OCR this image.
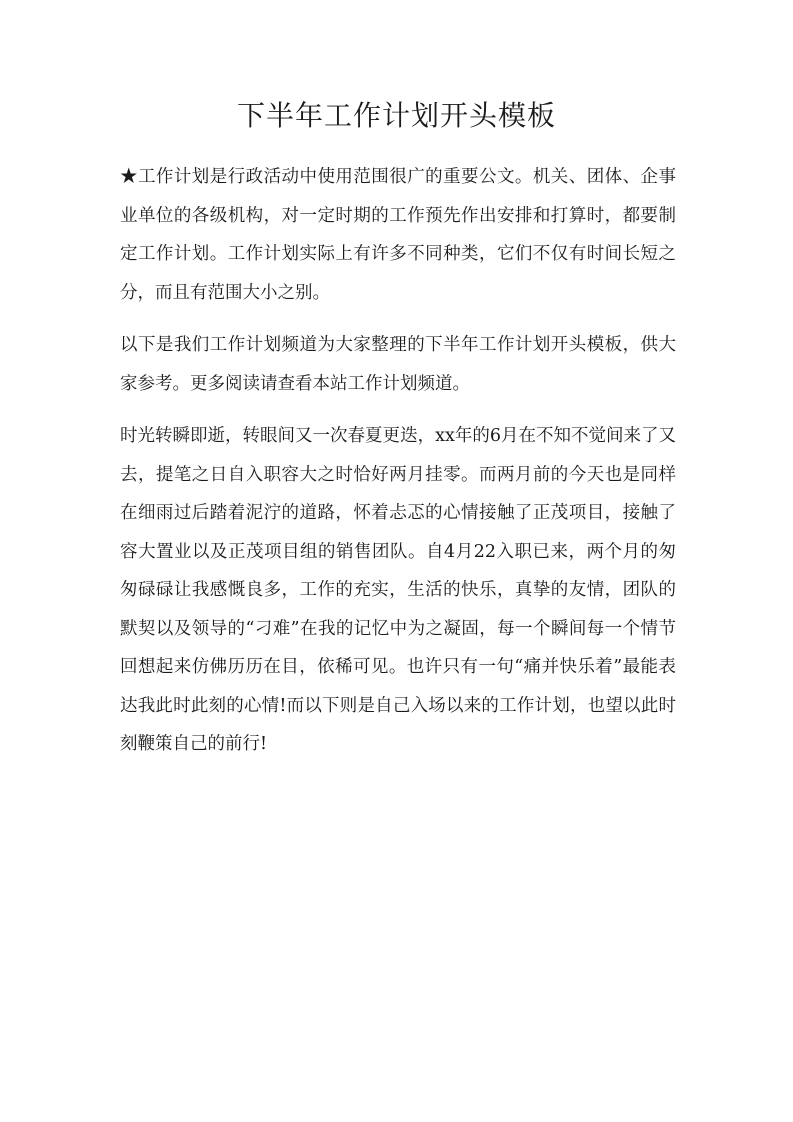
下半年工作计划开头模板

★工作计划是行政活动中使用范围很广的重要公文。机关、团体、企事业单位的各级机构，对一定时期的工作预先作出安排和打算时，都要制定工作计划。工作计划实际上有许多不同种类，它们不仅有时间长短之分，而且有范围大小之别。

以下是我们工作计划频道为大家整理的下半年工作计划开头模板，供大家参考。更多阅读请查看本站工作计划频道。

时光转瞬即逝，转眼间又一次春夏更迭，xx年的6月在不知不觉间来了又去，提笔之日自入职容大之时恰好两月挂零。而两月前的今天也是同样在细雨过后踏着泥泞的道路，怀着忐忑的心情接触了正茂项目，接触了容大置业以及正茂项目组的销售团队。自4月22入职已来，两个月的匆匆碌碌让我感慨良多，工作的充实，生活的快乐，真挚的友情，团队的默契以及领导的“刁难”在我的记忆中为之凝固，每一个瞬间每一个情节回想起来仿佛历历在目，依稀可见。也许只有一句“痛并快乐着”最能表达我此时此刻的心情!而以下则是自己入场以来的工作计划，也望以此时刻鞭策自己的前行!
